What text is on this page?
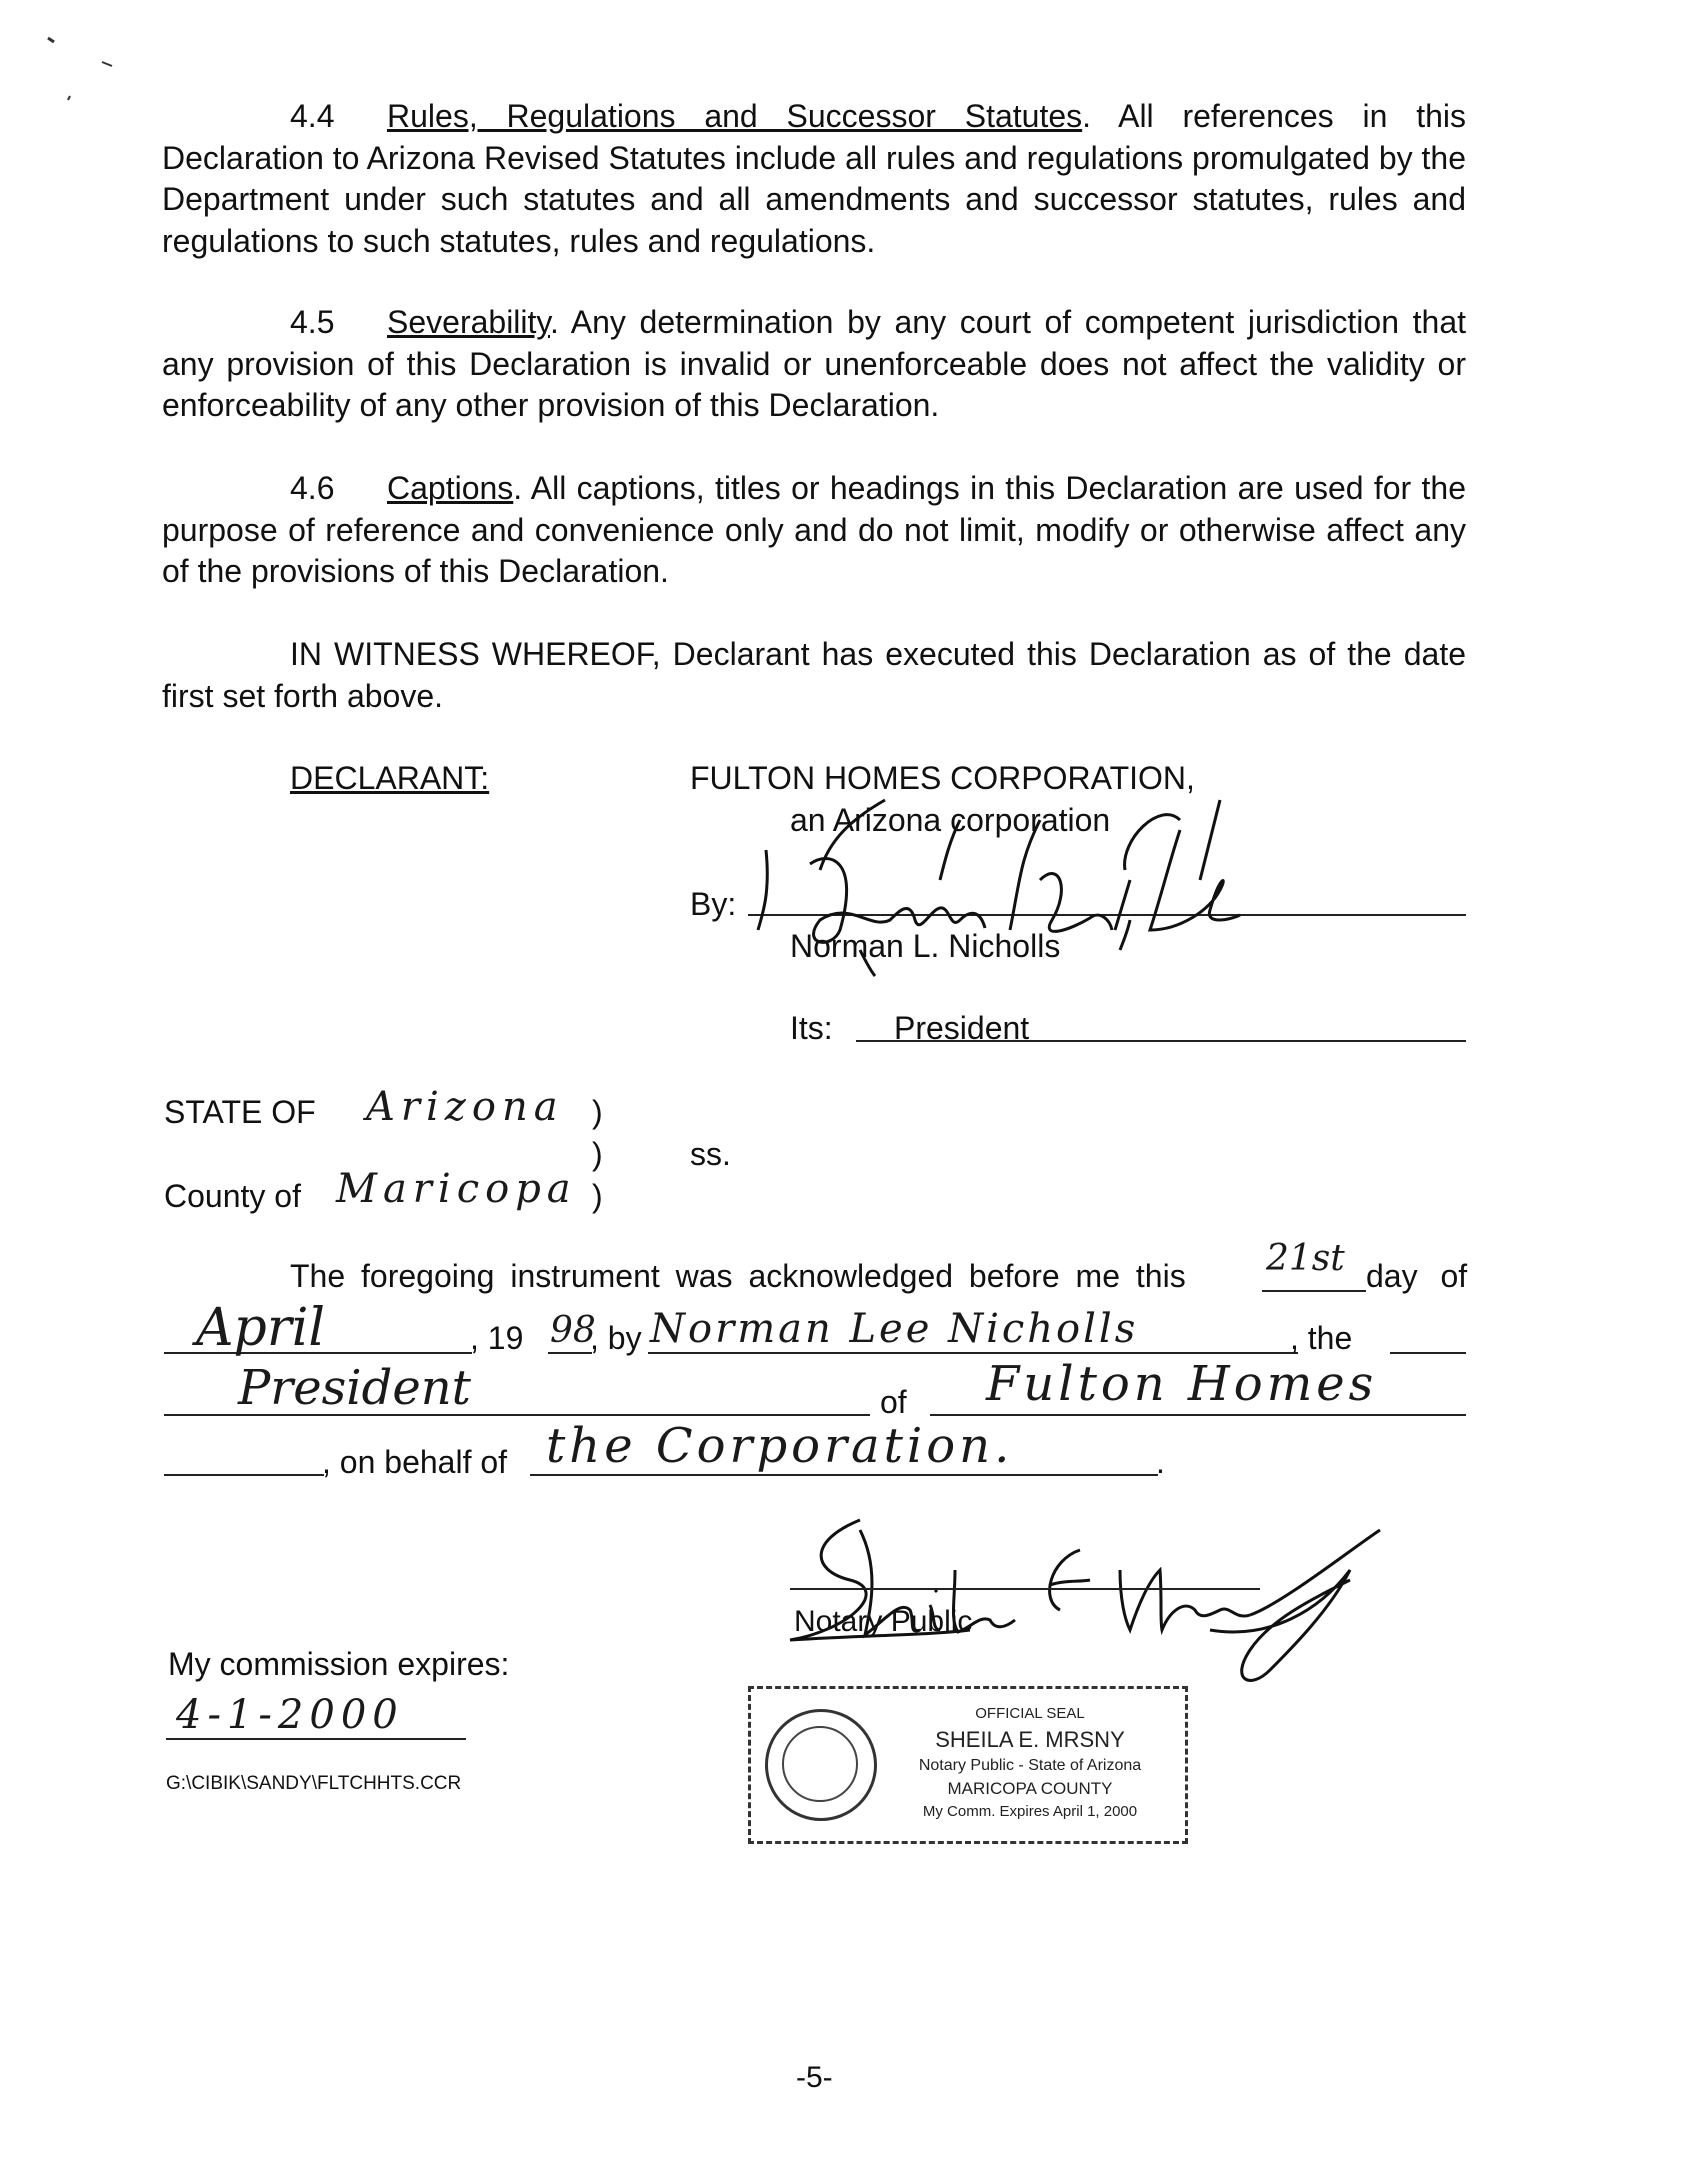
4.4 Rules, Regulations and Successor Statutes. All references in this Declaration to Arizona Revised Statutes include all rules and regulations promulgated by the Department under such statutes and all amendments and successor statutes, rules and regulations to such statutes, rules and regulations.
4.5 Severability. Any determination by any court of competent jurisdiction that any provision of this Declaration is invalid or unenforceable does not affect the validity or enforceability of any other provision of this Declaration.
4.6 Captions. All captions, titles or headings in this Declaration are used for the purpose of reference and convenience only and do not limit, modify or otherwise affect any of the provisions of this Declaration.
IN WITNESS WHEREOF, Declarant has executed this Declaration as of the date first set forth above.
DECLARANT:	FULTON HOMES CORPORATION,
an Arizona corporation
By:
Norman L. Nicholls
Its: President
STATE OF Arizona )
)	ss.
County of Maricopa )
The foregoing instrument was acknowledged before me this 21st day of
April	, 19 98
, by Norman Lee Nicholls	, the
President	of Fulton Homes
, on behalf of the Corporation.	.
Notary Public
My commission expires:
4-1-2000
G:\CIBIK\SANDY\FLTCHHTS.CCR
OFFICIAL SEAL
SHEILA E. MRSNY
Notary Public - State of Arizona
MARICOPA COUNTY
My Comm. Expires April 1, 2000
-5-
